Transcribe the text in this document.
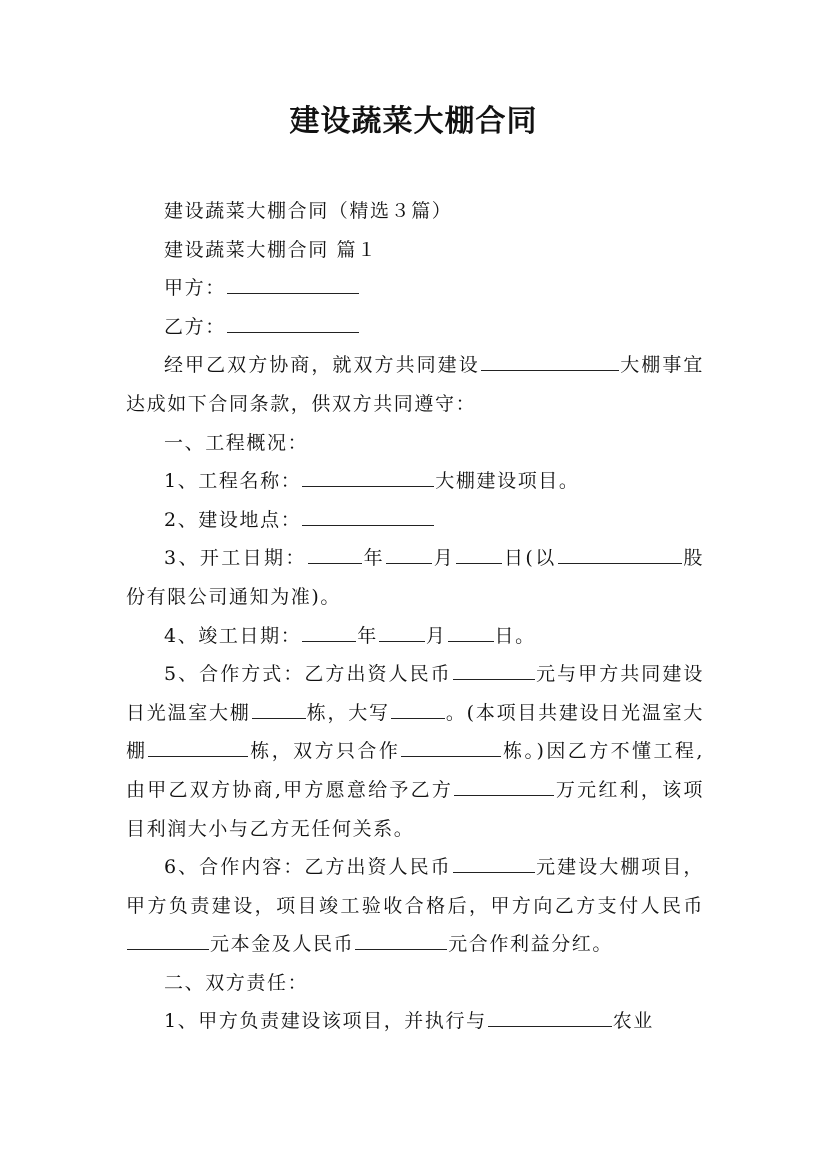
建设蔬菜大棚合同

建设蔬菜大棚合同（精选３篇）

建设蔬菜大棚合同 篇１

甲方：

乙方：

经甲乙双方协商，就双方共同建设	大棚事宜达成如下合同条款，供双方共同遵守：

一、工程概况：

1、工程名称：	大棚建设项目。

2、建设地点：

3、开工日期：	年	月	日(以	股份有限公司通知为准)。

4、竣工日期：	年	月	日。

5、合作方式：乙方出资人民币	元与甲方共同建设日光温室大棚	栋，大写	。(本项目共建设日光温室大棚	栋，双方只合作	栋。)因乙方不懂工程,由甲乙双方协商,甲方愿意给予乙方	万元红利，该项目利润大小与乙方无任何关系。

6、合作内容：乙方出资人民币	元建设大棚项目，甲方负责建设，项目竣工验收合格后，甲方向乙方支付人民币元本金及人民币	元合作利益分红。

二、双方责任：

1、甲方负责建设该项目，并执行与	农业
